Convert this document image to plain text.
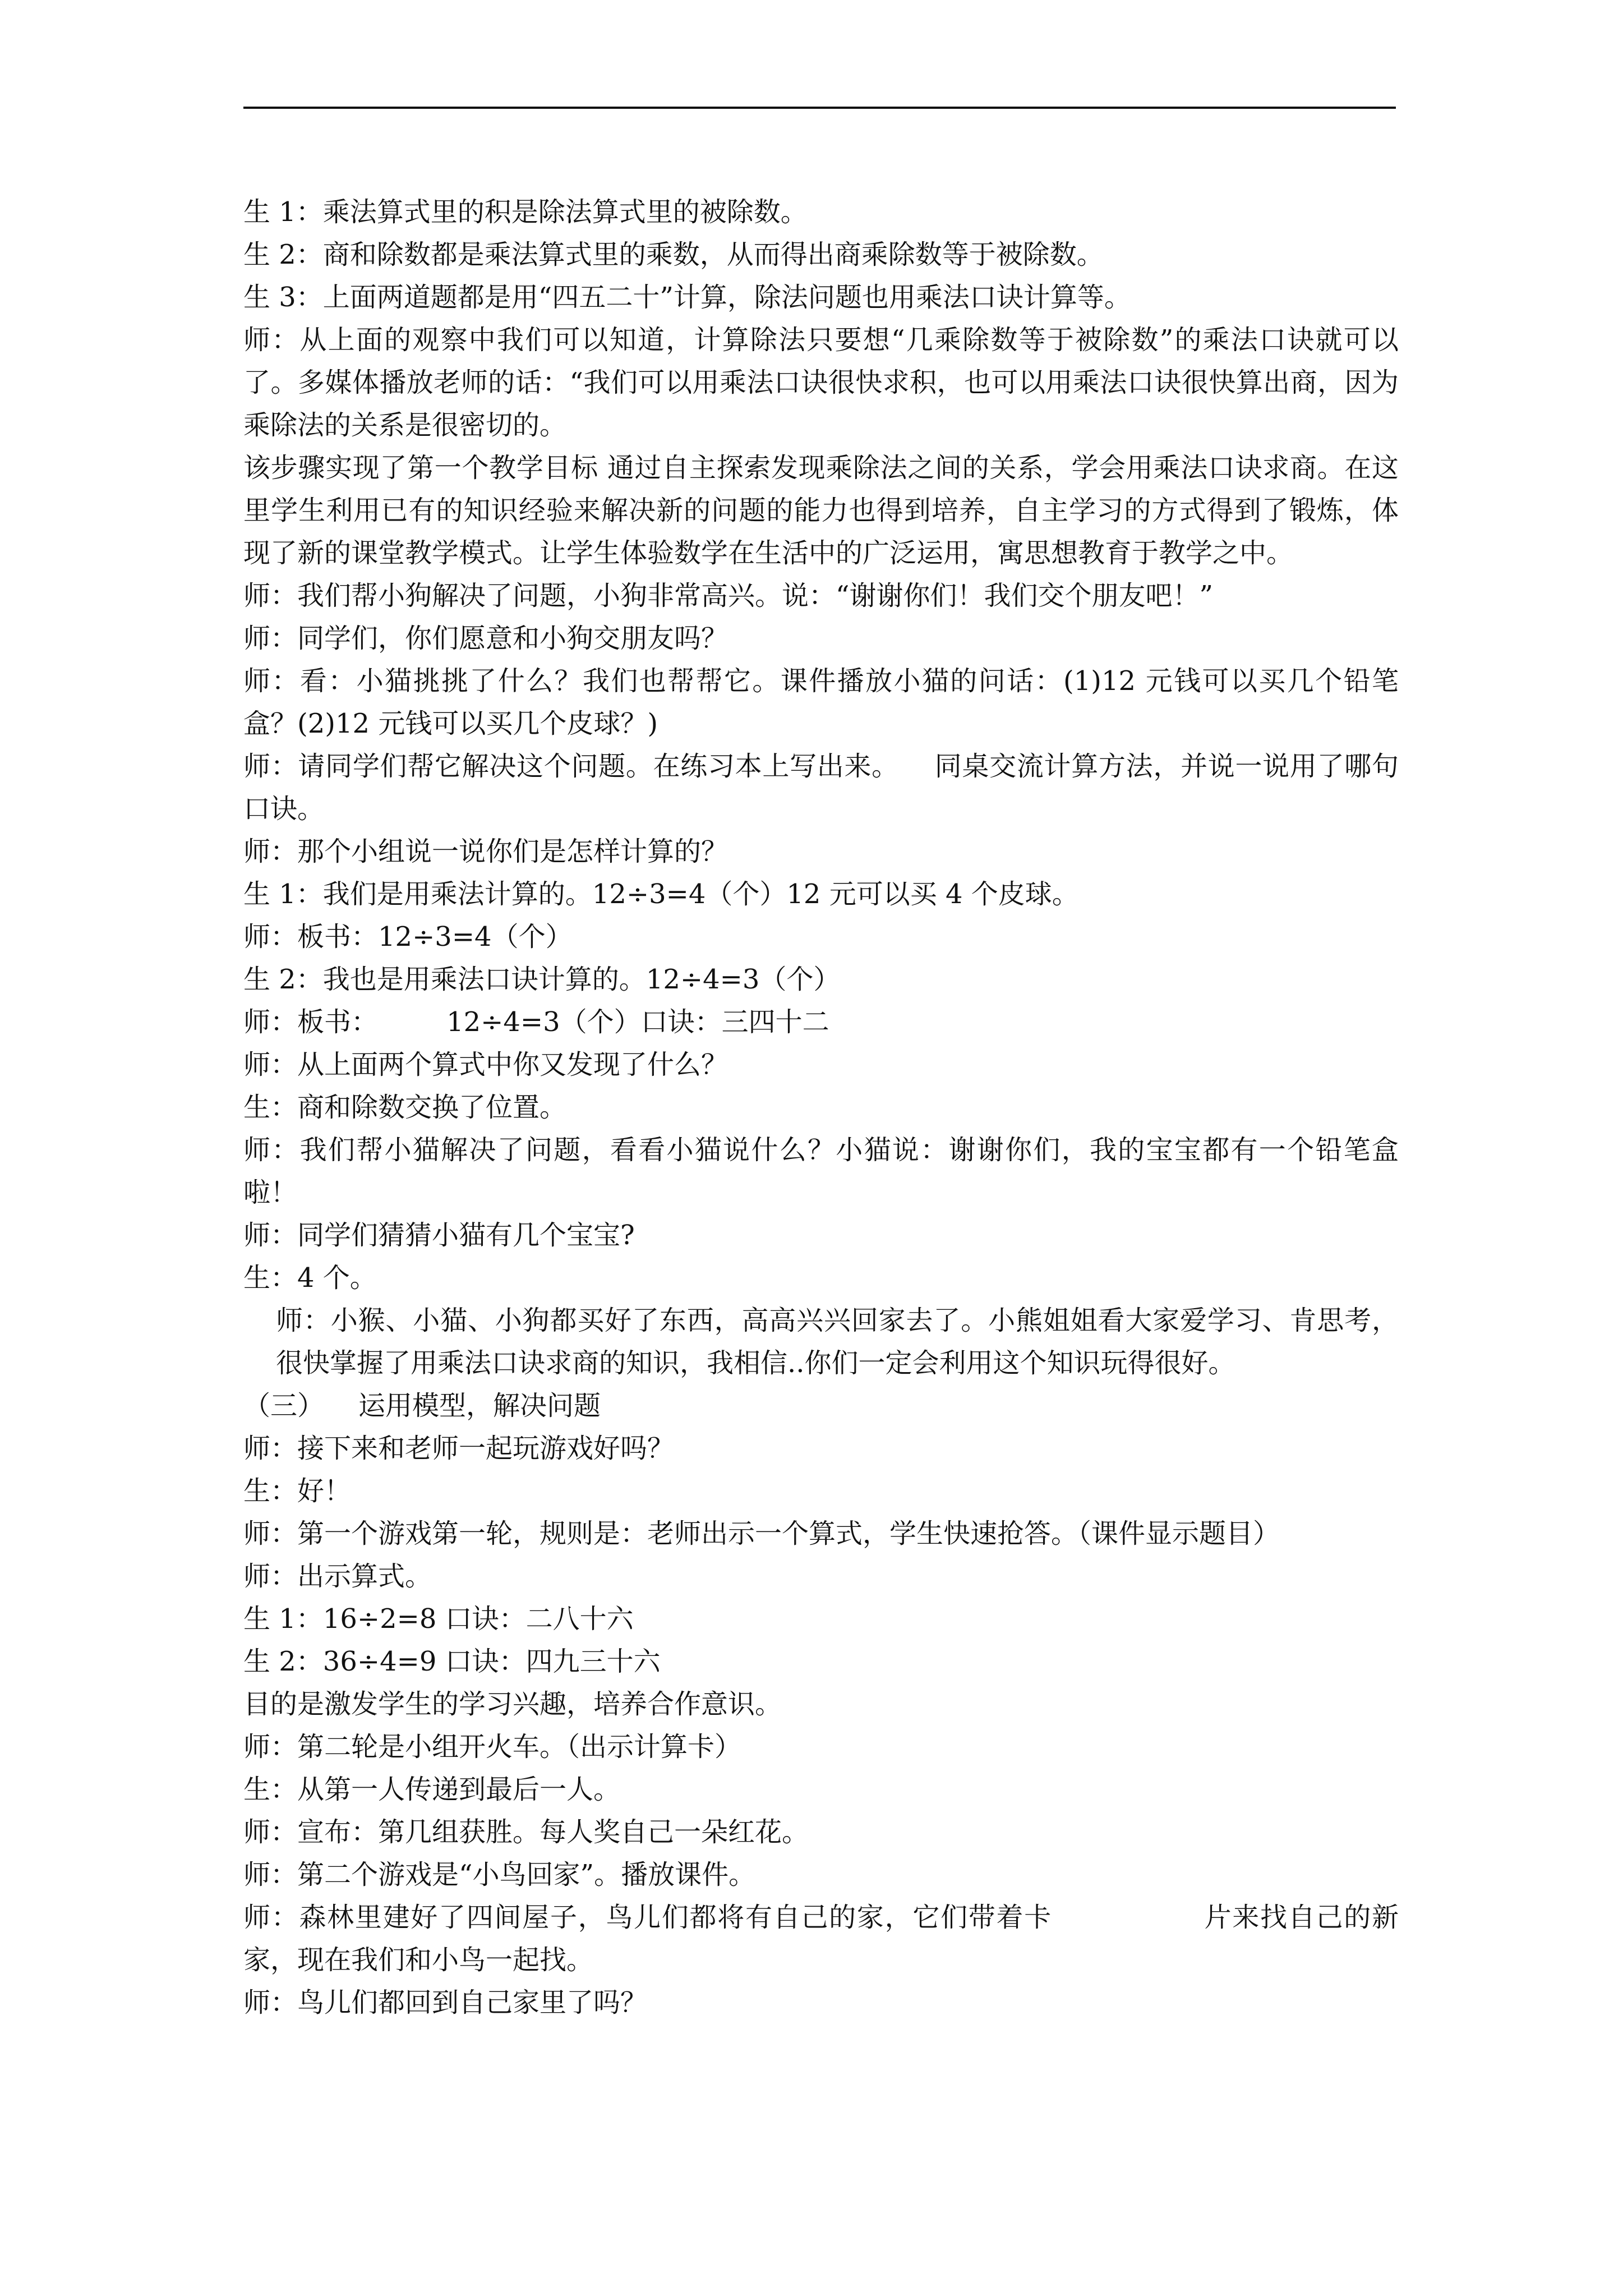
生 1：乘法算式里的积是除法算式里的被除数。

生 2：商和除数都是乘法算式里的乘数，从而得出商乘除数等于被除数。

生 3：上面两道题都是用“四五二十”计算，除法问题也用乘法口诀计算等。

师：从上面的观察中我们可以知道，计算除法只要想“几乘除数等于被除数”的乘法口诀就可以了。多媒体播放老师的话：“我们可以用乘法口诀很快求积，也可以用乘法口诀很快算出商，因为乘除法的关系是很密切的。

该步骤实现了第一个教学目标 通过自主探索发现乘除法之间的关系，学会用乘法口诀求商。在这里学生利用已有的知识经验来解决新的问题的能力也得到培养，自主学习的方式得到了锻炼，体现了新的课堂教学模式。让学生体验数学在生活中的广泛运用，寓思想教育于教学之中。

师：我们帮小狗解决了问题，小狗非常高兴。说：“谢谢你们！我们交个朋友吧！”

师：同学们，你们愿意和小狗交朋友吗？

师：看：小猫挑挑了什么？我们也帮帮它。课件播放小猫的问话：(1)12 元钱可以买几个铅笔盒？(2)12 元钱可以买几个皮球？)

师：请同学们帮它解决这个问题。在练习本上写出来。    同桌交流计算方法，并说一说用了哪句口诀。

师：那个小组说一说你们是怎样计算的？

生 1：我们是用乘法计算的。12÷3=4（个）12 元可以买 4 个皮球。

师：板书：12÷3=4（个）

生 2：我也是用乘法口诀计算的。12÷4=3（个）

师：板书：        12÷4=3（个）口诀：三四十二

师：从上面两个算式中你又发现了什么？

生：商和除数交换了位置。

师：我们帮小猫解决了问题，看看小猫说什么？小猫说：谢谢你们，我的宝宝都有一个铅笔盒啦！

师：同学们猜猜小猫有几个宝宝?

生：4 个。

师：小猴、小猫、小狗都买好了东西，高高兴兴回家去了。小熊姐姐看大家爱学习、肯思考，很快掌握了用乘法口诀求商的知识，我相信..你们一定会利用这个知识玩得很好。

（三）    运用模型，解决问题

师：接下来和老师一起玩游戏好吗？

生：好！

师：第一个游戏第一轮，规则是：老师出示一个算式，学生快速抢答。（课件显示题目）

师：出示算式。

生 1：16÷2=8 口诀：二八十六

生 2：36÷4=9 口诀：四九三十六

目的是激发学生的学习兴趣，培养合作意识。

师：第二轮是小组开火车。（出示计算卡）

生：从第一人传递到最后一人。

师：宣布：第几组获胜。每人奖自己一朵红花。

师：第二个游戏是“小鸟回家”。播放课件。

师：森林里建好了四间屋子，鸟儿们都将有自己的家，它们带着卡                片来找自己的新家，现在我们和小鸟一起找。

师：鸟儿们都回到自己家里了吗？
